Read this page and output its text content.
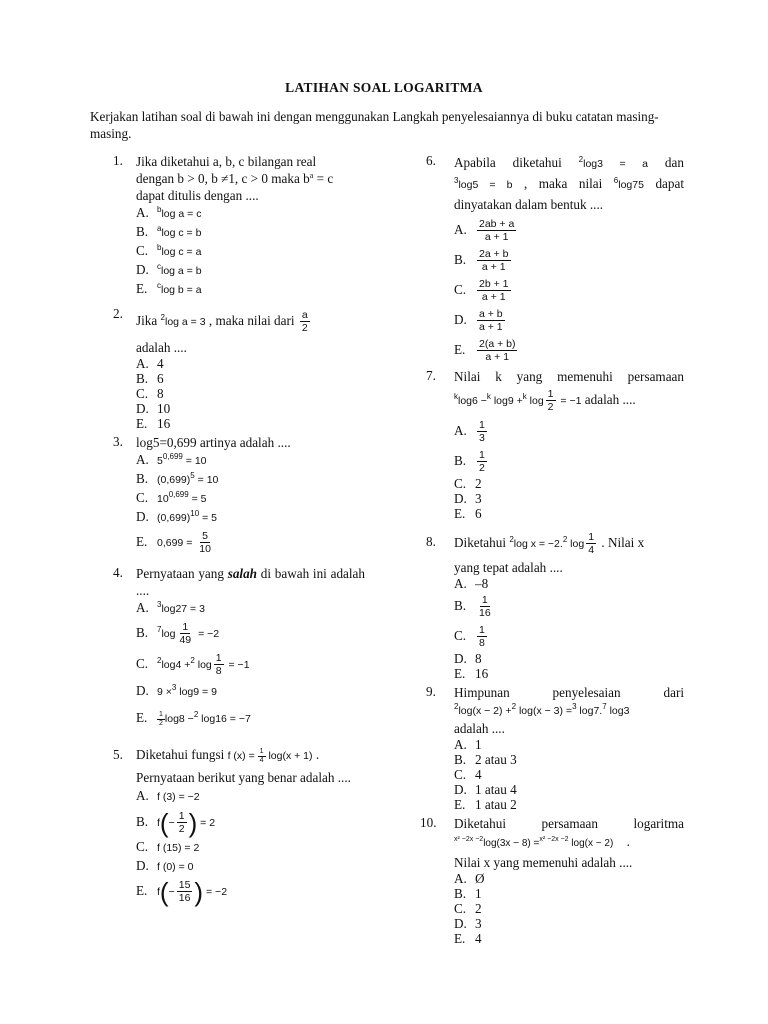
LATIHAN SOAL LOGARITMA
Kerjakan latihan soal di bawah ini dengan menggunakan Langkah penyelesaiannya di buku catatan masing-masing.
1. Jika diketahui a, b, c bilangan real
dengan b > 0, b ≠1, c > 0 maka $b^a = c$
dapat ditulis dengan ....
A. $^b$log a = c
B. $^a$log c = b
C. $^b$log c = a
D. $^c$log a = b
E. $^c$log b = a
2. Jika $^2$log a = 3 , maka nilai dari $\frac{a}{2}$
adalah ....
A. 4
B. 6
C. 8
D. 10
E. 16
3. log5=0,699 artinya adalah ....
A. $5^{0,699} = 10$
B. $(0,699)^5 = 10$
C. $10^{0,699} = 5$
D. $(0,699)^{10} = 5$
E. $0,699 = \frac{5}{10}$
4. Pernyataan yang salah di bawah ini adalah ....
A. $^3$log27 = 3
B. $^7\log \frac{1}{49} = -2$
C. $^2$log4 +$^2$ $\log \frac{1}{8} = -1$
D. 9 ×$^3$ log9 = 9
E. $\frac{1}{2} \log 8 -^2$ log16 = −7
5. Diketahui fungsi f $(x) = \frac{1}{4} \log(x + 1)$ .
Pernyataan berikut yang benar adalah ....
A. f (3) = −2
B. $f(- \frac{1}{2}$ ) = 2
C. f (15) = 2
D. f (0) = 0
E. $f(- \frac{15}{16}$ ) = −2
6. Apabila diketahui $^2$log3 = a dan
$^3$log5 = b , maka nilai $^6$log75 dapat
dinyatakan dalam bentuk ....
A. $\frac{2ab + a}{a + 1}$
B. $\frac{2a + b}{a + 1}$
C. $\frac{2b + 1}{a + 1}$
D. $\frac{a + b}{a + 1}$
E. $\frac{2(a + b)}{a + 1}$
7. Nilai k yang memenuhi persamaan
$^k$log6 −$^k$ log9 +$^k$ $\log \frac{1}{2} = -1$ adalah ....
A. $\frac{1}{3}$
B. $\frac{1}{2}$
C. 2
D. 3
E. 6
8. Diketahui $^2$log x = −2.$^2$ $\log \frac{1}{4}$ . Nilai x
yang tepat adalah ....
A. –8
B. $\frac{1}{16}$
C. $\frac{1}{8}$
D. 8
E. 16
9. Himpunan penyelesaian dari
$^2$log(x − 2) +$^2$ log(x − 3) =$^3$ log7.$^7$ log3
adalah ....
A. 1
B. 2 atau 3
C. 4
D. 1 atau 4
E. 1 atau 2
10. Diketahui persamaan logaritma
$^{x^2 -2x -2}$log(3x − 8) =$^{x^2 -2x -2}$ log(x − 2) .
Nilai x yang memenuhi adalah ....
A. Ø
B. 1
C. 2
D. 3
E. 4
